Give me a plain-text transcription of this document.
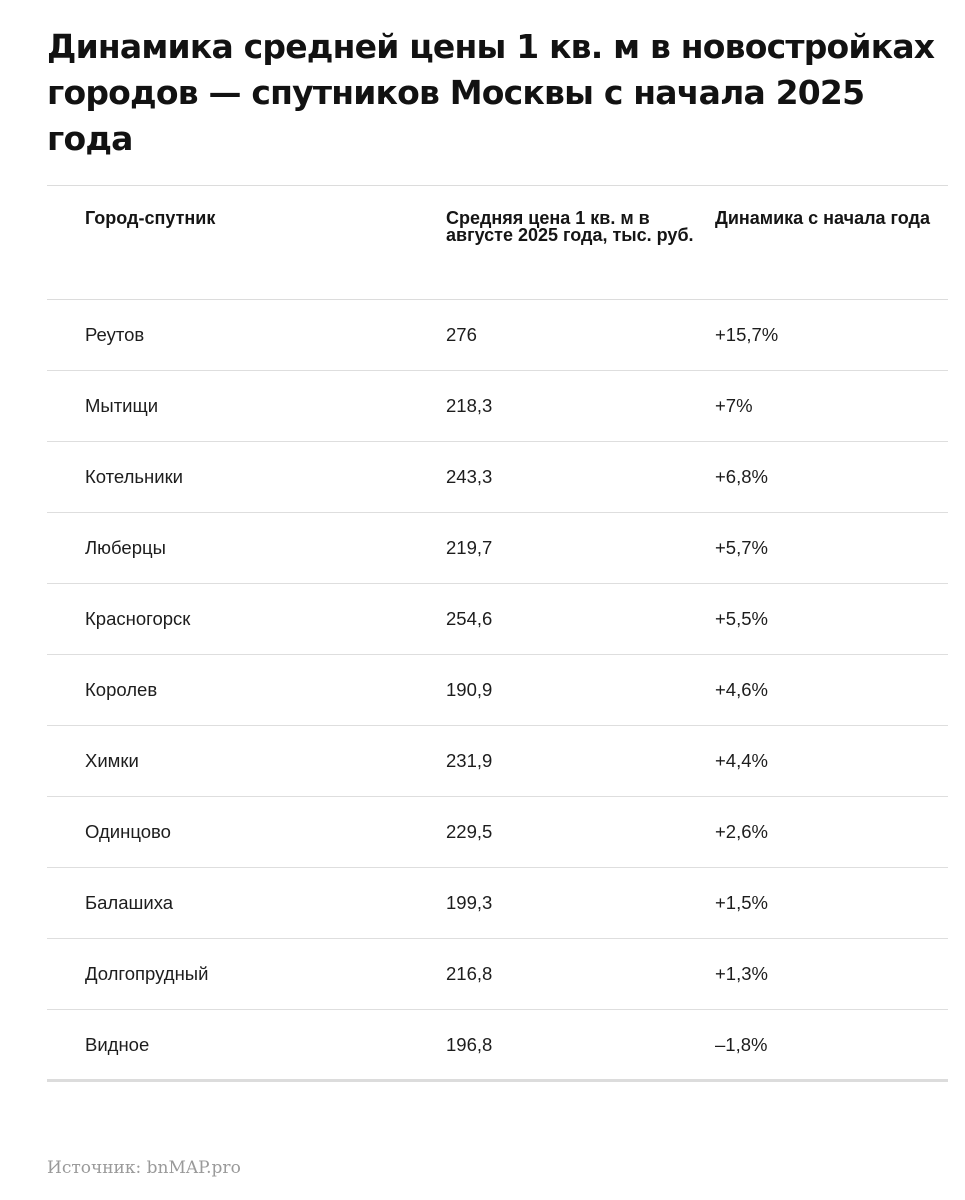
Динамика средней цены 1 кв. м в новостройках городов — спутников Москвы с начала 2025 года
Город-спутник	Средняя цена 1 кв. м в августе 2025 года, тыс. руб.	Динамика с начала года
Реутов	276	+15,7%
Мытищи	218,3	+7%
Котельники	243,3	+6,8%
Люберцы	219,7	+5,7%
Красногорск	254,6	+5,5%
Королев	190,9	+4,6%
Химки	231,9	+4,4%
Одинцово	229,5	+2,6%
Балашиха	199,3	+1,5%
Долгопрудный	216,8	+1,3%
Видное	196,8	–1,8%
Источник: bnMAP.pro
